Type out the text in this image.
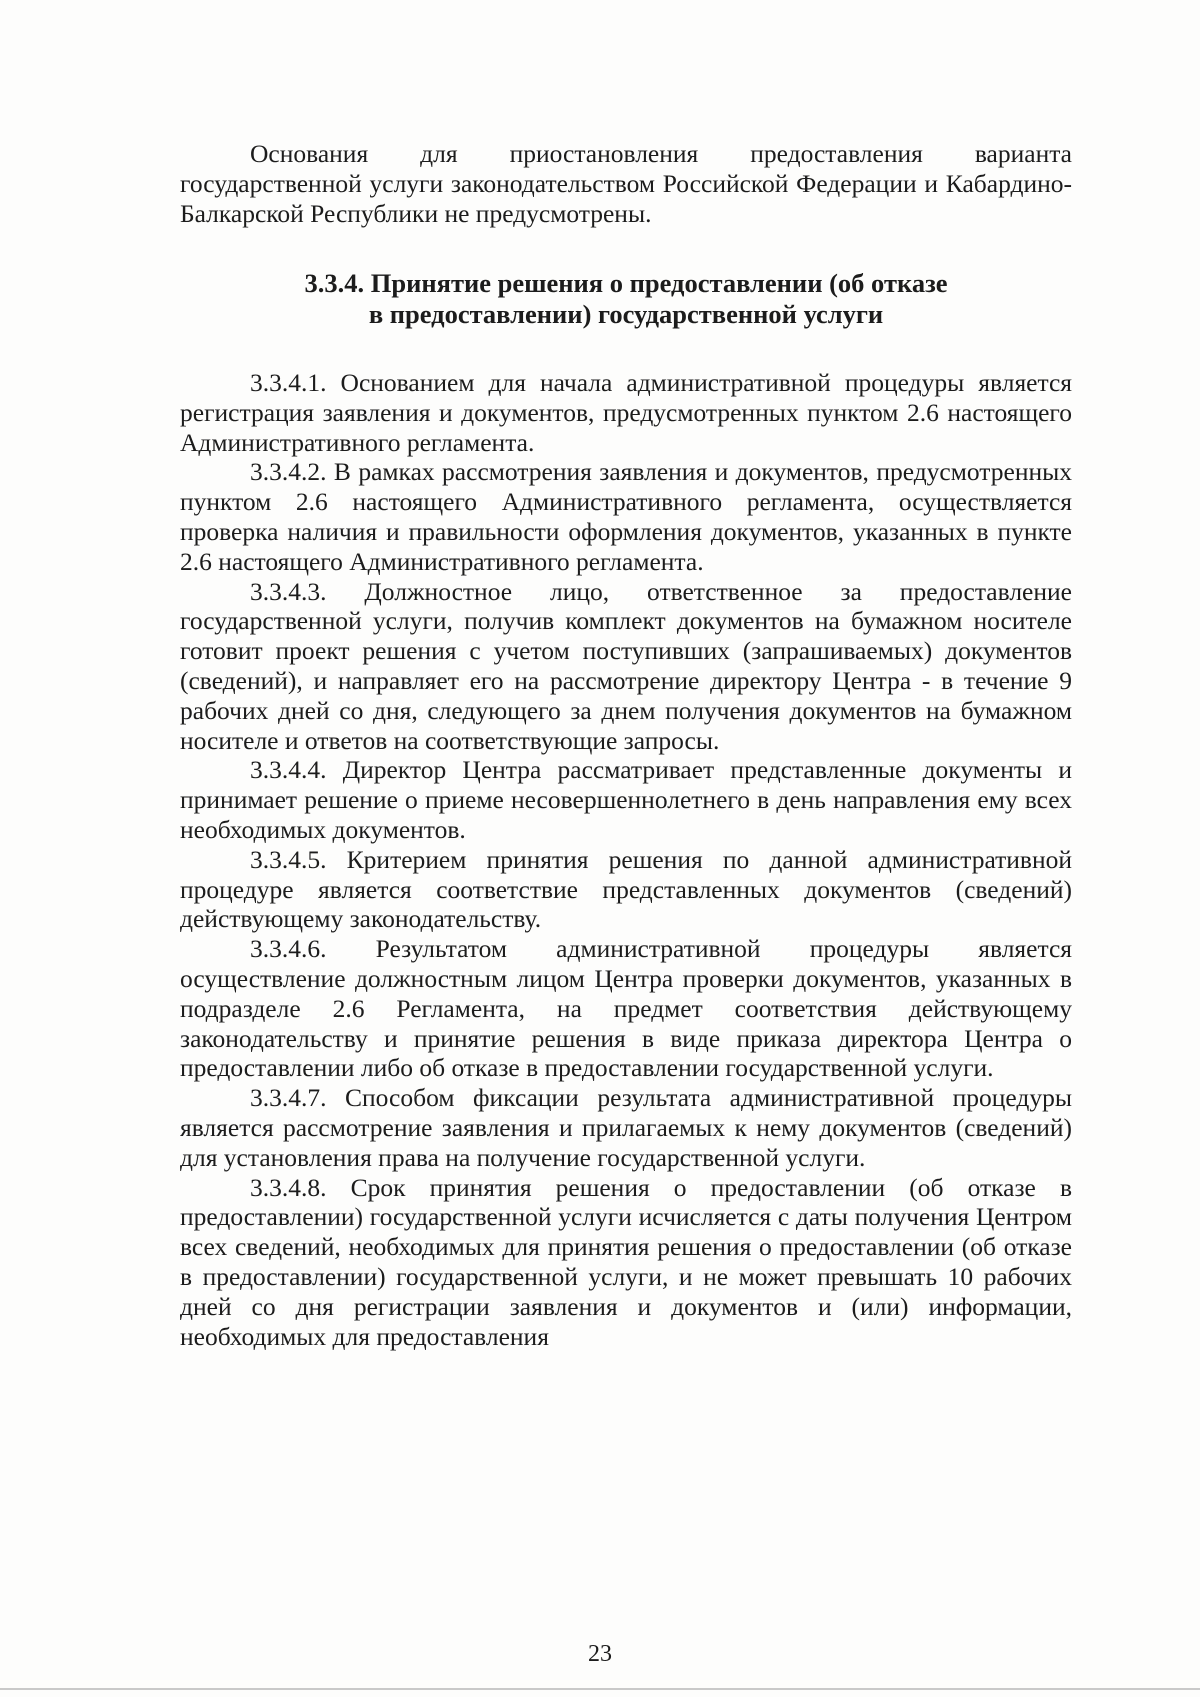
Основания для приостановления предоставления варианта государственной услуги законодательством Российской Федерации и Кабардино-Балкарской Республики не предусмотрены.

3.3.4. Принятие решения о предоставлении (об отказе
в предоставлении) государственной услуги

3.3.4.1. Основанием для начала административной процедуры является регистрация заявления и документов, предусмотренных пунктом 2.6 настоящего Административного регламента.

3.3.4.2. В рамках рассмотрения заявления и документов, предусмотренных пунктом 2.6 настоящего Административного регламента, осуществляется проверка наличия и правильности оформления документов, указанных в пункте 2.6 настоящего Административного регламента.

3.3.4.3. Должностное лицо, ответственное за предоставление государственной услуги, получив комплект документов на бумажном носителе готовит проект решения с учетом поступивших (запрашиваемых) документов (сведений), и направляет его на рассмотрение директору Центра - в течение 9 рабочих дней со дня, следующего за днем получения документов на бумажном носителе и ответов на соответствующие запросы.

3.3.4.4. Директор Центра рассматривает представленные документы и принимает решение о приеме несовершеннолетнего в день направления ему всех необходимых документов.

3.3.4.5. Критерием принятия решения по данной административной процедуре является соответствие представленных документов (сведений) действующему законодательству.

3.3.4.6. Результатом административной процедуры является осуществление должностным лицом Центра проверки документов, указанных в подразделе 2.6 Регламента, на предмет соответствия действующему законодательству и принятие решения в виде приказа директора Центра о предоставлении либо об отказе в предоставлении государственной услуги.

3.3.4.7. Способом фиксации результата административной процедуры является рассмотрение заявления и прилагаемых к нему документов (сведений) для установления права на получение государственной услуги.

3.3.4.8. Срок принятия решения о предоставлении (об отказе в предоставлении) государственной услуги исчисляется с даты получения Центром всех сведений, необходимых для принятия решения о предоставлении (об отказе в предоставлении) государственной услуги, и не может превышать 10 рабочих дней со дня регистрации заявления и документов и (или) информации, необходимых для предоставления

23
